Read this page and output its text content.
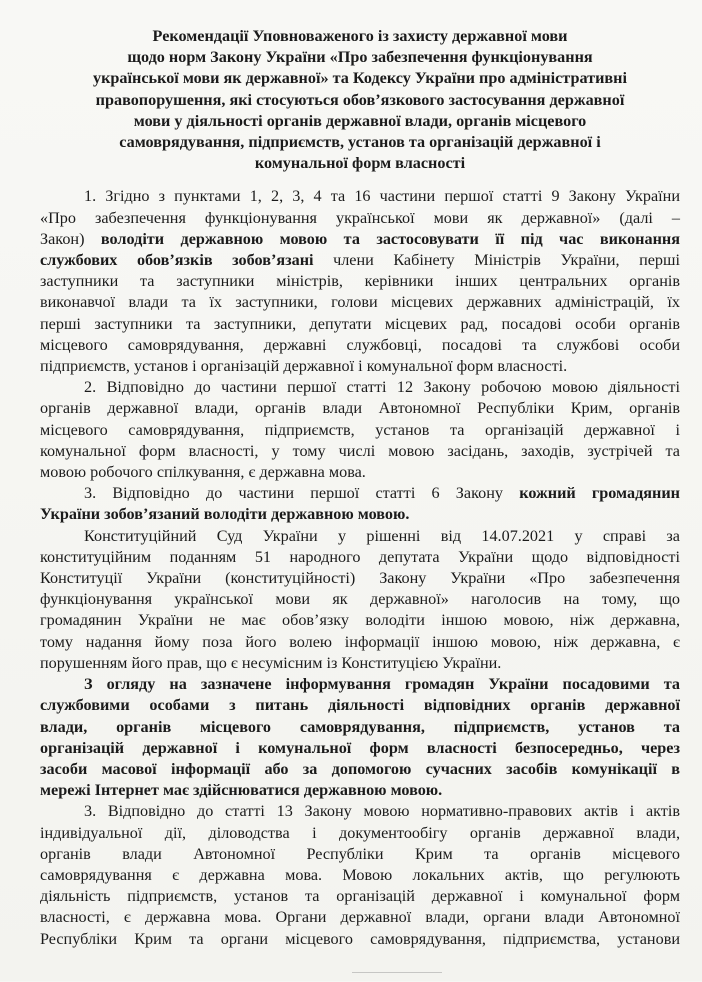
Рекомендації Уповноваженого із захисту державної мови
щодо норм Закону України «Про забезпечення функціонування
української мови як державної» та Кодексу України про адміністративні
правопорушення, які стосуються обов’язкового застосування державної
мови у діяльності органів державної влади, органів місцевого
самоврядування, підприємств, установ та організацій державної і
комунальної форм власності
1. Згідно з пунктами 1, 2, 3, 4 та 16 частини першої статті 9 Закону України
«Про забезпечення функціонування української мови як державної» (далі –
Закон) володіти державною мовою та застосовувати її під час виконання
службових обов’язків зобов’язані члени Кабінету Міністрів України, перші
заступники та заступники міністрів, керівники інших центральних органів
виконавчої влади та їх заступники, голови місцевих державних адміністрацій, їх
перші заступники та заступники, депутати місцевих рад, посадові особи органів
місцевого самоврядування, державні службовці, посадові та службові особи
підприємств, установ і організацій державної і комунальної форм власності.
2. Відповідно до частини першої статті 12 Закону робочою мовою діяльності
органів державної влади, органів влади Автономної Республіки Крим, органів
місцевого самоврядування, підприємств, установ та організацій державної і
комунальної форм власності, у тому числі мовою засідань, заходів, зустрічей та
мовою робочого спілкування, є державна мова.
3. Відповідно до частини першої статті 6 Закону кожний громадянин
України зобов’язаний володіти державною мовою.
Конституційний Суд України у рішенні від 14.07.2021 у справі за
конституційним поданням 51 народного депутата України щодо відповідності
Конституції України (конституційності) Закону України «Про забезпечення
функціонування української мови як державної» наголосив на тому, що
громадянин України не має обов’язку володіти іншою мовою, ніж державна,
тому надання йому поза його волею інформації іншою мовою, ніж державна, є
порушенням його прав, що є несумісним із Конституцією України.
З огляду на зазначене інформування громадян України посадовими та
службовими особами з питань діяльності відповідних органів державної
влади, органів місцевого самоврядування, підприємств, установ та
організацій державної і комунальної форм власності безпосередньо, через
засоби масової інформації або за допомогою сучасних засобів комунікації в
мережі Інтернет має здійснюватися державною мовою.
3. Відповідно до статті 13 Закону мовою нормативно-правових актів і актів
індивідуальної дії, діловодства і документообігу органів державної влади,
органів влади Автономної Республіки Крим та органів місцевого
самоврядування є державна мова. Мовою локальних актів, що регулюють
діяльність підприємств, установ та організацій державної і комунальної форм
власності, є державна мова. Органи державної влади, органи влади Автономної
Республіки Крим та органи місцевого самоврядування, підприємства, установи
